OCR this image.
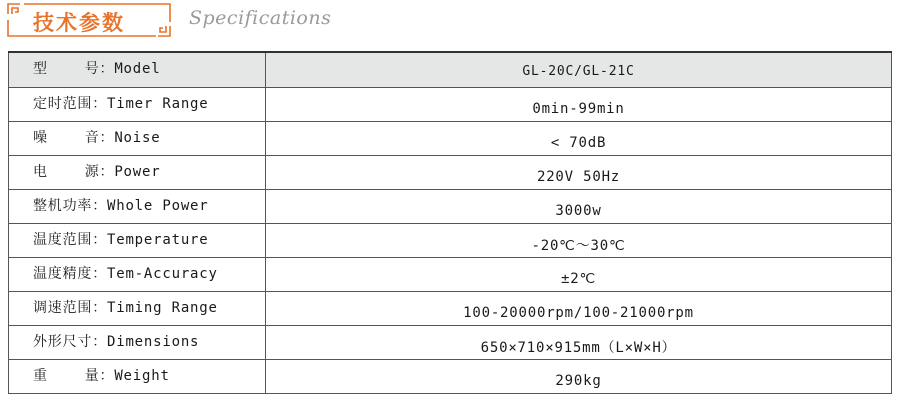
技术参数	Specifications
型    号：Model	GL-20C/GL-21C
定时范围：Timer Range	0min-99min
噪    音：Noise	< 70dB
电    源：Power	220V 50Hz
整机功率：Whole Power	3000w
温度范围：Temperature	-20℃～30℃
温度精度：Tem-Accuracy	±2℃
调速范围：Timing Range	100-20000rpm/100-21000rpm
外形尺寸：Dimensions	650×710×915mm（L×W×H）
重    量：Weight	290kg
